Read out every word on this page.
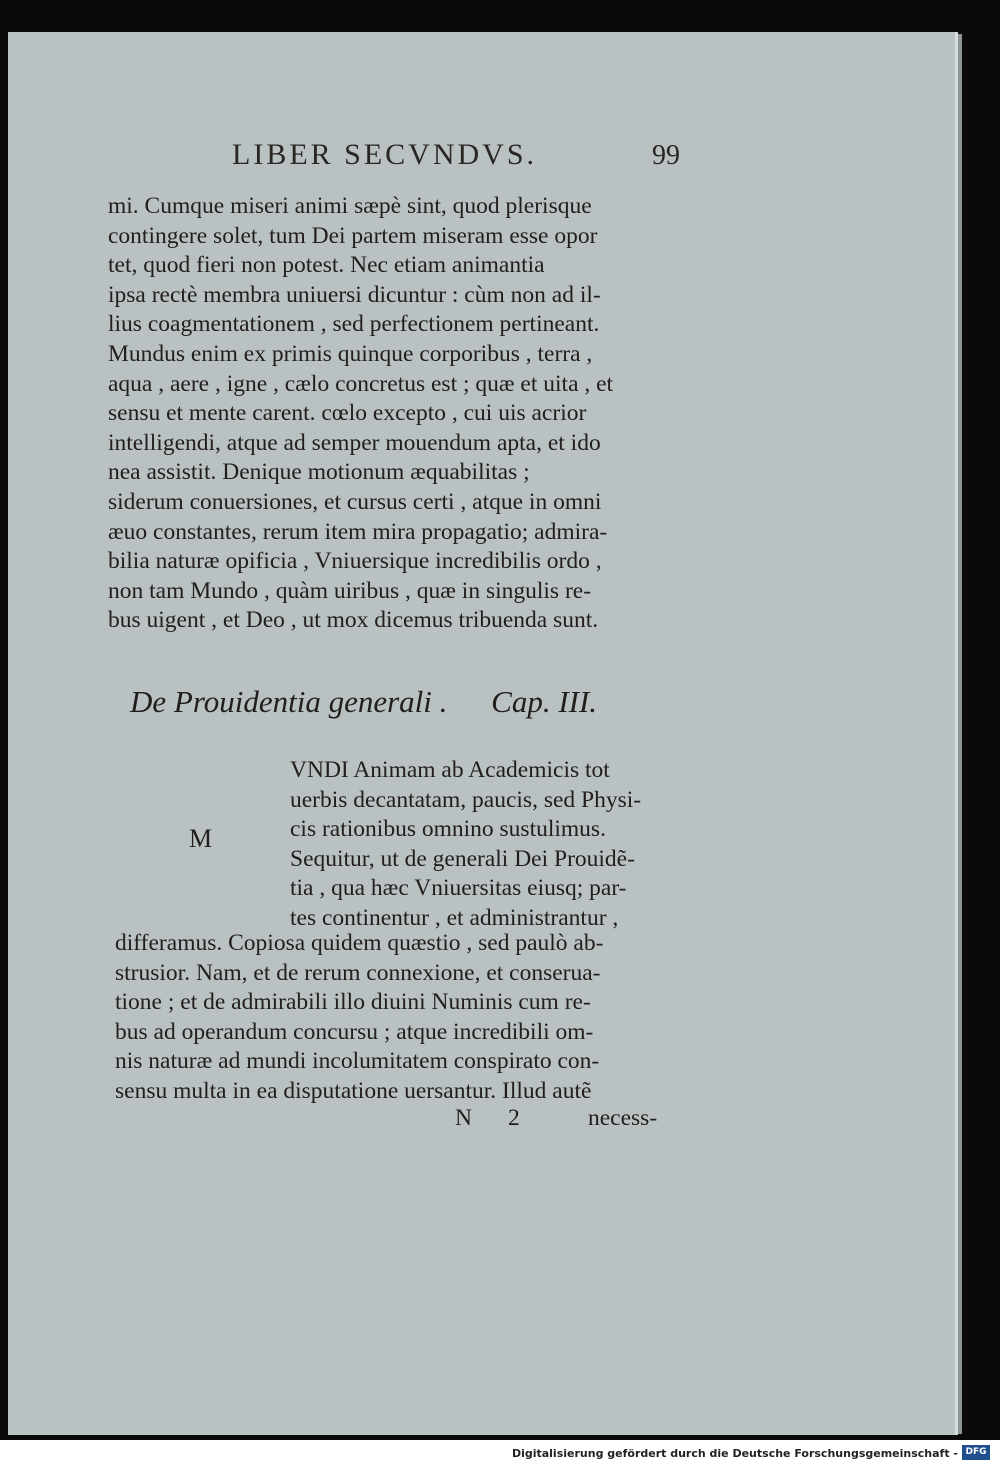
LIBER SECVNDVS.	99
mi. Cumque miseri animi sæpè sint, quod plerisque
contingere solet, tum Dei partem miseram esse opor
tet, quod fieri non potest. Nec etiam animantia
ipsa rectè membra uniuersi dicuntur : cùm non ad il-
lius coagmentationem , sed perfectionem pertineant.
Mundus enim ex primis quinque corporibus , terra ,
aqua , aere , igne , cælo concretus est ; quæ et uita , et
sensu et mente carent. cœlo excepto , cui uis acrior
intelligendi, atque ad semper mouendum apta, et ido
nea assistit. Denique motionum æquabilitas ;
siderum conuersiones, et cursus certi , atque in omni
æuo constantes, rerum item mira propagatio; admira-
bilia naturæ opificia , Vniuersique incredibilis ordo ,
non tam Mundo , quàm uiribus , quæ in singulis re-
bus uigent , et Deo , ut mox dicemus tribuenda sunt.
De Prouidentia generali . Cap. III.
M
VNDI Animam ab Academicis tot
uerbis decantatam, paucis, sed Physi-
cis rationibus omnino sustulimus.
Sequitur, ut de generali Dei Prouidẽ-
tia , qua hæc Vniuersitas eiusq; par-
tes continentur , et administrantur ,
differamus. Copiosa quidem quæstio , sed paulò ab-
strusior. Nam, et de rerum connexione, et conserua-
tione ; et de admirabili illo diuini Numinis cum re-
bus ad operandum concursu ; atque incredibili om-
nis naturæ ad mundi incolumitatem conspirato con-
sensu multa in ea disputatione uersantur. Illud autẽ
N 2	necess-
Digitalisierung gefördert durch die Deutsche Forschungsgemeinschaft - DFG
